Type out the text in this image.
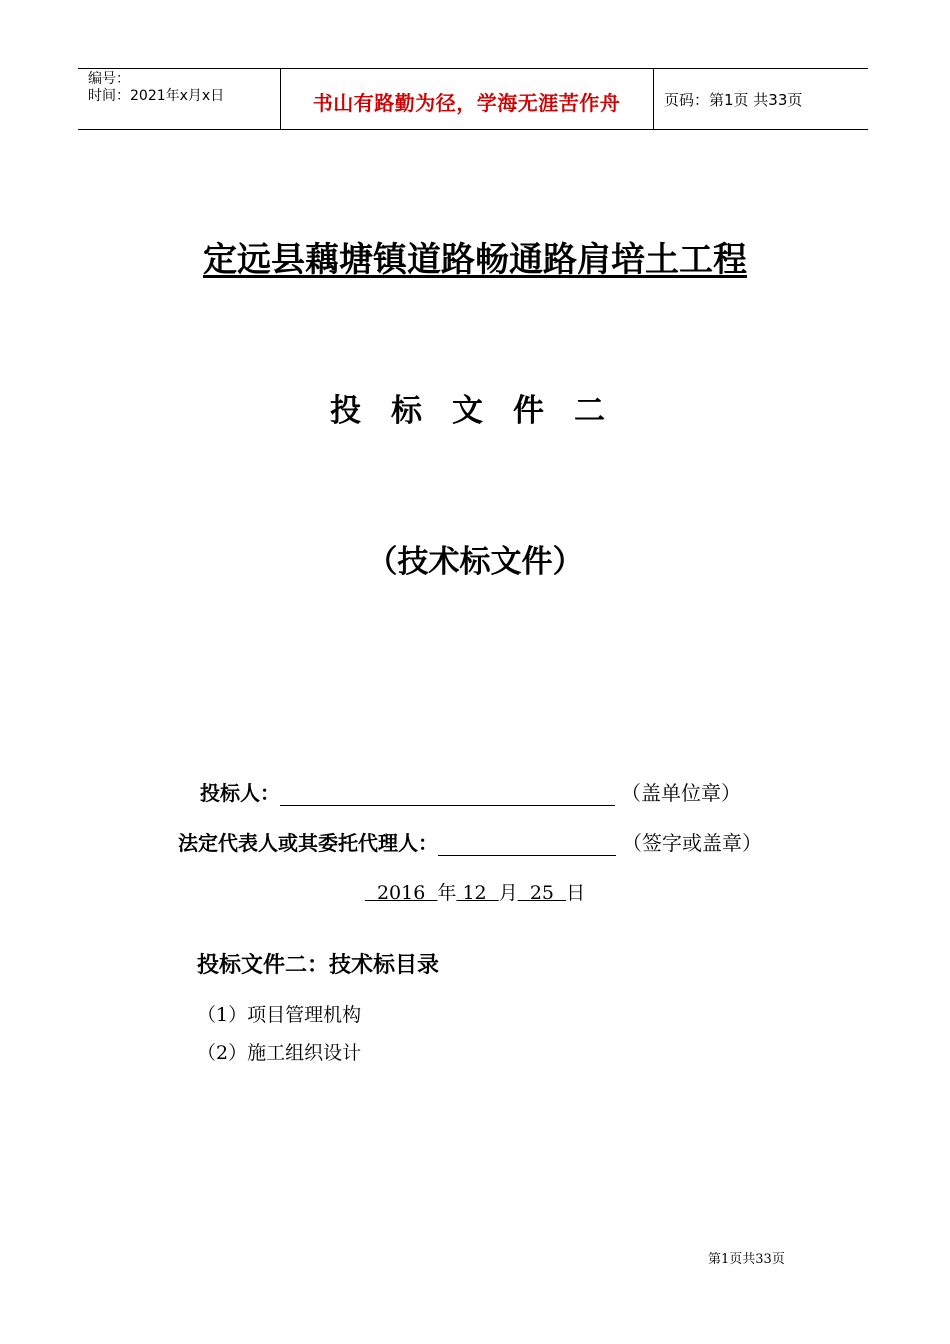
编号：
时间：2021年x月x日	书山有路勤为径，学海无涯苦作舟	页码：第1页 共33页
定远县藕塘镇道路畅通路肩培土工程
投标文件二
（技术标文件）
投标人：	（盖单位章）
法定代表人或其委托代理人：	（签字或盖章）
2016  年 12  月  25  日
投标文件二：技术标目录
（1）项目管理机构
（2）施工组织设计
第1页共33页
